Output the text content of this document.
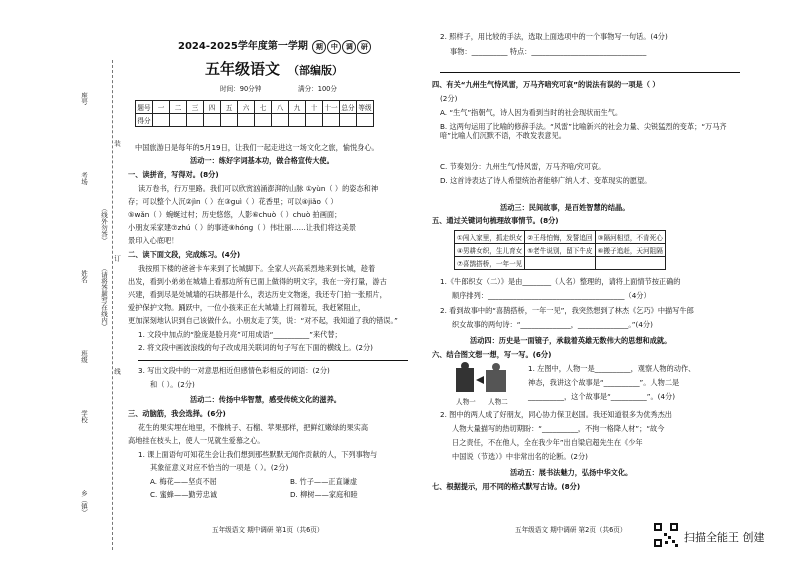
座号
考场
姓名
班级
学校
乡（镇）
装
订
线
（线外勿答）
（请将答题写在线内）
2024-2025学年度第一学期 期 中 调 研
五年级语文 （部编版）
时间：90分钟	满分：100分
题号	一	二	三	四	五	六	七	八	九	十	十一	总分	等级
得分													
中国旅游日是每年的5月19日，让我们一起走进这一场文化之旅，愉悦身心。
活动一：练好字词基本功，做合格宣传大使。
一、读拼音，写得对。(8分)
读万卷书，行万里路。我们可以欣赏汹涌澎湃的山脉 ①yùn（ ）的姿态和神
存；可以整个人沉②jìn（ ）在③guì（ ）花香里；可以④jiǎo（ ）
⑤wǎn（ ）蜿蜒过村；历史悠悠，人影⑥chuò（ ）chuò 拍画面；
小朋友采家建⑦zhú（ ）的事迹⑧hóng（ ）伟壮丽……让我们将这美景
景印入心底吧！
二、读下面文段，完成练习。(4分)
我按照下楼的爸爸卡车来到了长城脚下。全家人兴高采烈地来到长城，趁着
出发，看到小弟弟在城墙上看那边所有已面上做得的明文字，我在一旁打量，游古
兴建，看到尽是处城墙的石块都是什么，表达历史文物迷，我还专门拍一张照片，
爱护保护文物。踊跃中，一位小孩来正在大城墙上打闹着玩，我赶紧阻止，
更加深刻地认识到自己该做什么。小朋友走了笑，说：“对不起，我知道了我的错误。”
1. 文段中加点的“脸庞是脸月亮”可用成语“__________”来代替；
2. 将文段中画波浪线的句子改成用关联词的句子写在下面的横线上。(2分)
3. 写出文段中的一对意思相近但感情色彩相反的词语：(2分)
和（ ）。(2分)
活动二：传扬中华智慧，感受传统文化的滋养。
三、动脑筋，我会选择。(6分)
花生的果实埋在地里，不像桃子、石榴、苹果那样，把鲜红嫩绿的果实高
高地挂在枝头上，使人一见就生爱慕之心。
1. 课上面语句可知花生会让我们想到那些默默无闻作贡献的人，下列事物与
其象征意义对应不恰当的一项是（ ）。(2分)
A. 梅花——坚贞不屈	B. 竹子——正直谦虚
C. 蜜蜂——勤劳忠诚	D. 柳树——家庭和睦
五年级语文 期中调研 第1页（共6页）
2. 照样子，用比较的手法，选取上面选项中的一个事物写一句话。(4分)
事物：__________ 特点：________________________________
四、有关“九州生气恃风雷，万马齐喑究可哀”的说法有误的一项是（ ）
(2分)
A. “生气”指朝气，诗人因为看到当时的社会现状而生气。
B. 这两句运用了比喻的修辞手法。“风雷”比喻新兴的社会力量、尖锐猛烈的变革；“万马齐喑”比喻人们沉默不语，不敢发表意见。
C. 节奏划分：九州生气/恃风雷，万马齐喑/究可哀。
D. 这首诗表达了诗人希望统治者能够广纳人才、变革现实的愿望。
活动三：民间故事，是百姓智慧的结晶。
五、通过关键词句梳理故事情节。(8分)
①闯入家里，抓走织女	②王母怕悔，发誓追回	③隔河相望，不肯死心
④男耕女织，生儿育女	⑤老牛说别，留下牛皮	⑥搬子追赶，天河阻隔
⑦喜鹊搭桥，一年一见		
1.《牛郎织女（二）》是由________（人名）整理的，请将上面情节按正确的
顺序排列：______________________________________（4分）
2. 看到故事中的“喜鹊搭桥，一年一见”，我突然想到了林杰《乞巧》中描写牛郎
织女故事的两句诗：“______________，______________。”(4分)
活动四：历史是一面镜子，承载着英雄无数伟大的思想和成就。
六、结合图文想一想，写一写。(6分)
人物一 人物二
1. 左图中，人物一是__________，观察人物的动作、
神态，我讲这个故事是“__________”。人物二是
__________，这个故事是“__________”。(4分)
2. 图中的两人成了好朋友，同心协力保卫赵国。我还知道很多为优秀杰出
人物大量描写的热切期盼：“__________，不拘一格降人材”；“故今
日之责任，不在他人，全在我少年”出自梁启超先生在《少年
中国说（节选）》中非常出名的论断。(2分)
活动五：展书法魅力，弘扬中华文化。
七、根据提示，用不同的格式默写古诗。(8分)
五年级语文 期中调研 第2页（共6页）
扫描全能王 创建
